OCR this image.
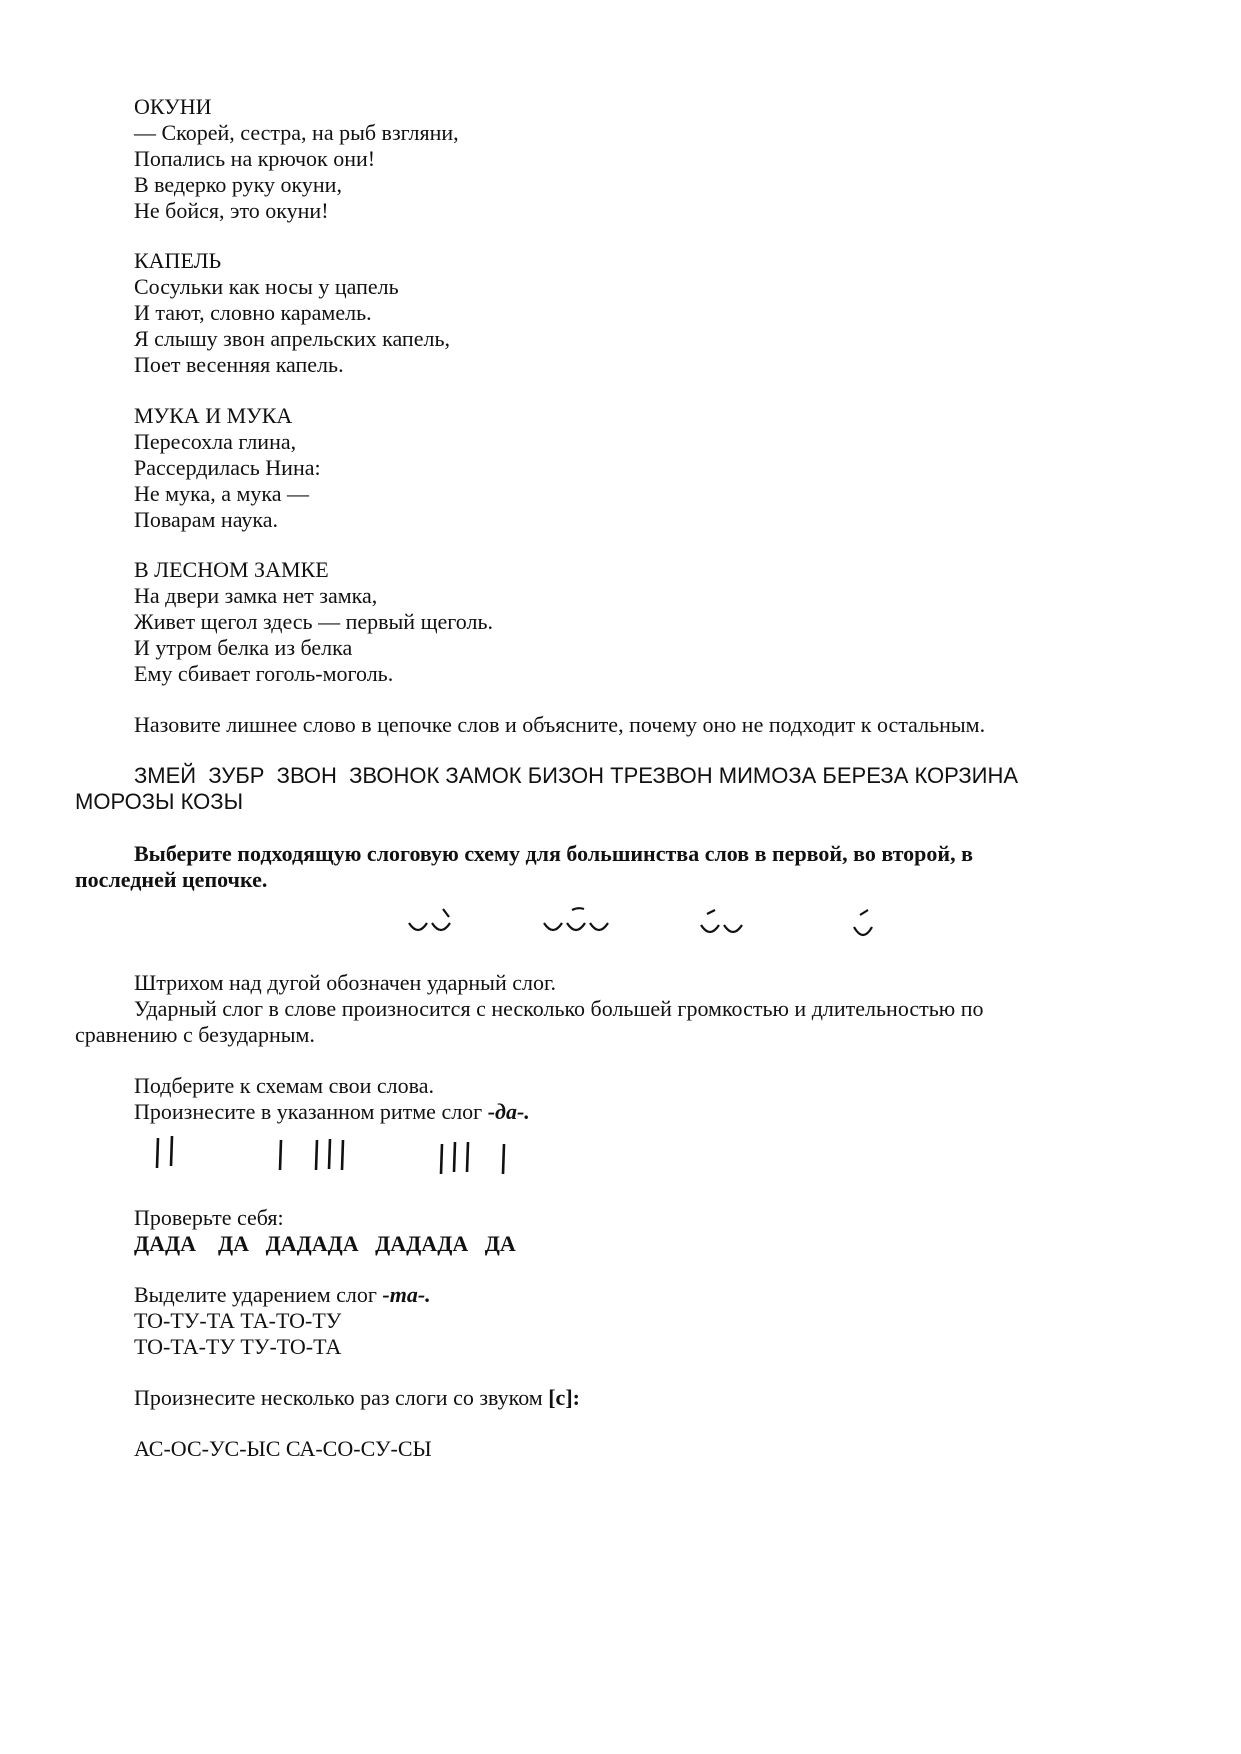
ОКУНИ
— Скорей, сестра, на рыб взгляни,
Попались на крючок они!
В ведерко руку окуни,
Не бойся, это окуни!
КАПЕЛЬ
Сосульки как носы у цапель
И тают, словно карамель.
Я слышу звон апрельских капель,
Поет весенняя капель.
МУКА И МУКА
Пересохла глина,
Рассердилась Нина:
Не мука, а мука —
Поварам наука.
В ЛЕСНОМ ЗАМКЕ
На двери замка нет замка,
Живет щегол здесь — первый щеголь.
И утром белка из белка
Ему сбивает гоголь-моголь.
Назовите лишнее слово в цепочке слов и объясните, почему оно не подходит к остальным.
ЗМЕЙ  ЗУБР  ЗВОН  ЗВОНОК ЗАМОК БИЗОН ТРЕЗВОН МИМОЗА БЕРЕЗА КОРЗИНА
МОРОЗЫ КОЗЫ
Выберите подходящую слоговую схему для большинства слов в первой, во второй, в
последней цепочке.
Штрихом над дугой обозначен ударный слог.
Ударный слог в слове произносится с несколько большей громкостью и длительностью по
сравнению с безударным.
Подберите к схемам свои слова.
Произнесите в указанном ритме слог -да-.
Проверьте себя:
ДАДА    ДА   ДАДАДА   ДАДАДА   ДА
Выделите ударением слог -та-.
ТО-ТУ-ТА ТА-ТО-ТУ
ТО-ТА-ТУ ТУ-ТО-ТА
Произнесите несколько раз слоги со звуком [с]:
АС-ОС-УС-ЫС СА-СО-СУ-СЫ
